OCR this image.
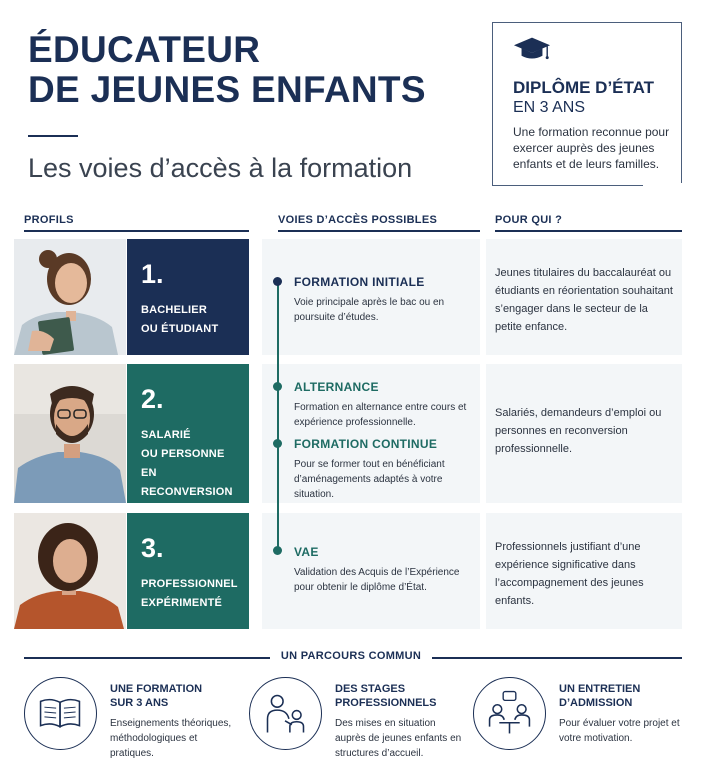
ÉDUCATEUR
DE JEUNES ENFANTS
Les voies d’accès à la formation
DIPLÔME D’ÉTAT
EN 3 ANS
Une formation reconnue pour exercer auprès des jeunes enfants et de leurs familles.
PROFILS	VOIES D’ACCÈS POSSIBLES	POUR QUI ?
1.
BACHELIER
OU ÉTUDIANT
2.
SALARIÉ
OU PERSONNE
EN RECONVERSION
3.
PROFESSIONNEL
EXPÉRIMENTÉ
FORMATION INITIALE
Voie principale après le bac ou en poursuite d’études.
ALTERNANCE
Formation en alternance entre cours et expérience professionnelle.
FORMATION CONTINUE
Pour se former tout en bénéficiant d’aménagements adaptés à votre situation.
VAE
Validation des Acquis de l’Expérience pour obtenir le diplôme d’État.
Jeunes titulaires du baccalauréat ou étudiants en réorientation souhaitant s’engager dans le secteur de la petite enfance.
Salariés, demandeurs d’emploi ou personnes en reconversion professionnelle.
Professionnels justifiant d’une expérience significative dans l’accompagnement des jeunes enfants.
UN PARCOURS COMMUN
UNE FORMATION
SUR 3 ANS
Enseignements théoriques, méthodologiques et pratiques.
DES STAGES
PROFESSIONNELS
Des mises en situation auprès de jeunes enfants en structures d’accueil.
UN ENTRETIEN
D’ADMISSION
Pour évaluer votre projet et votre motivation.
